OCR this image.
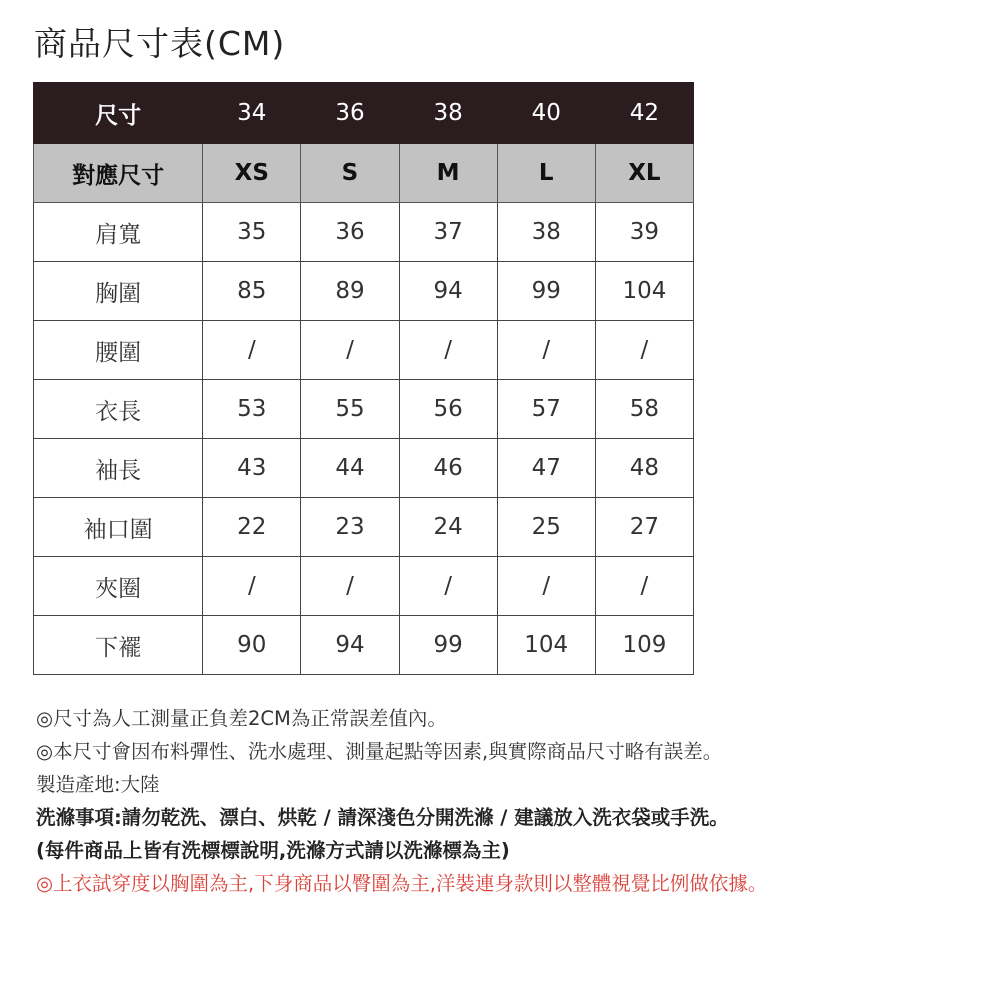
商品尺寸表(CM)
尺寸	34	36	38	40	42
對應尺寸	XS	S	M	L	XL
肩寬	35	36	37	38	39
胸圍	85	89	94	99	104
腰圍	/	/	/	/	/
衣長	53	55	56	57	58
袖長	43	44	46	47	48
袖口圍	22	23	24	25	27
夾圈	/	/	/	/	/
下襬	90	94	99	104	109
◎尺寸為人工測量正負差2CM為正常誤差值內。
◎本尺寸會因布料彈性、洗水處理、測量起點等因素,與實際商品尺寸略有誤差。
製造產地:大陸
洗滌事項:請勿乾洗、漂白、烘乾 / 請深淺色分開洗滌 / 建議放入洗衣袋或手洗。
(每件商品上皆有洗標標說明,洗滌方式請以洗滌標為主)
◎上衣試穿度以胸圍為主,下身商品以臀圍為主,洋裝連身款則以整體視覺比例做依據。
